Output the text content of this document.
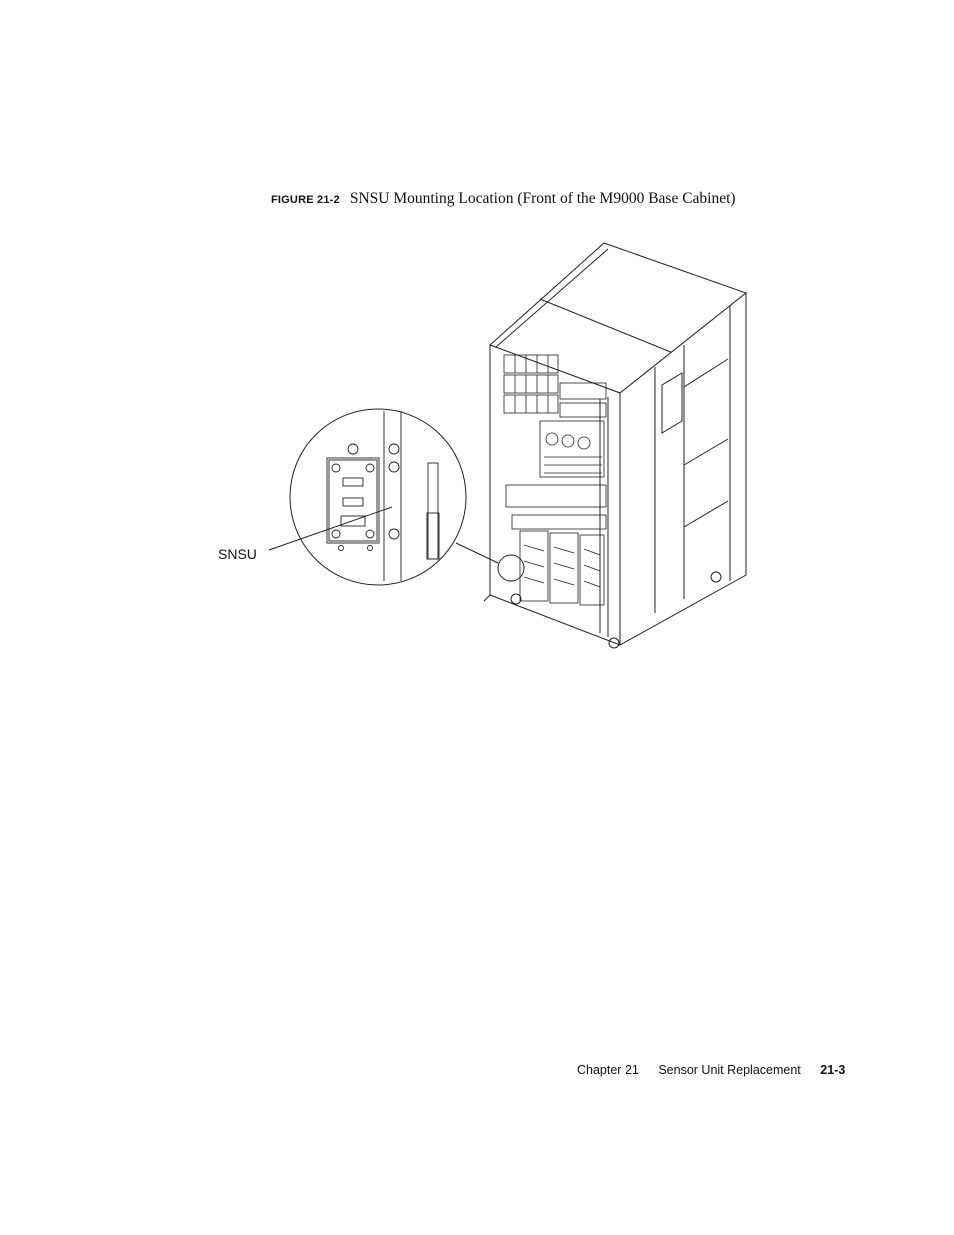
FIGURE 21-2 SNSU Mounting Location (Front of the M9000 Base Cabinet)
SNSU
Chapter 21 Sensor Unit Replacement 21-3
